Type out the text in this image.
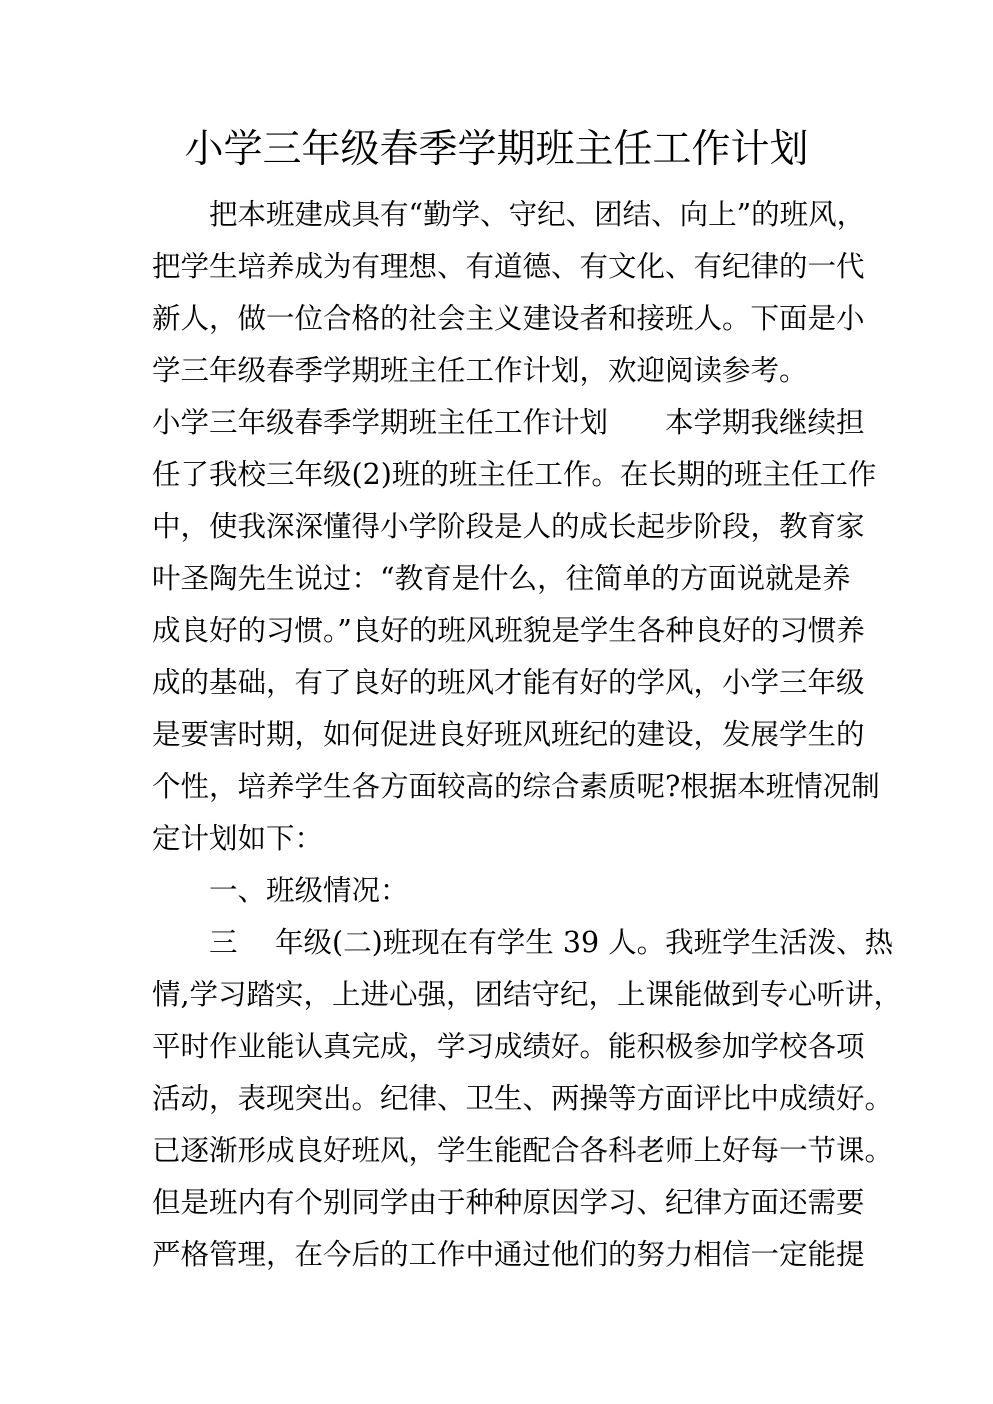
小学三年级春季学期班主任工作计划
　　把本班建成具有“勤学、守纪、团结、向上”的班风，
把学生培养成为有理想、有道德、有文化、有纪律的一代
新人，做一位合格的社会主义建设者和接班人。下面是小
学三年级春季学期班主任工作计划，欢迎阅读参考。
小学三年级春季学期班主任工作计划　　本学期我继续担
任了我校三年级(2)班的班主任工作。在长期的班主任工作
中，使我深深懂得小学阶段是人的成长起步阶段，教育家
叶圣陶先生说过：“教育是什么，往简单的方面说就是养
成良好的习惯。”良好的班风班貌是学生各种良好的习惯养
成的基础，有了良好的班风才能有好的学风，小学三年级
是要害时期，如何促进良好班风班纪的建设，发展学生的
个性，培养学生各方面较高的综合素质呢?根据本班情况制
定计划如下：
　　一、班级情况：
　　三　 年级(二)班现在有学生 39 人。我班学生活泼、热
情,学习踏实，上进心强，团结守纪，上课能做到专心听讲，
平时作业能认真完成，学习成绩好。能积极参加学校各项
活动，表现突出。纪律、卫生、两操等方面评比中成绩好。
已逐渐形成良好班风，学生能配合各科老师上好每一节课。
但是班内有个别同学由于种种原因学习、纪律方面还需要
严格管理，在今后的工作中通过他们的努力相信一定能提
